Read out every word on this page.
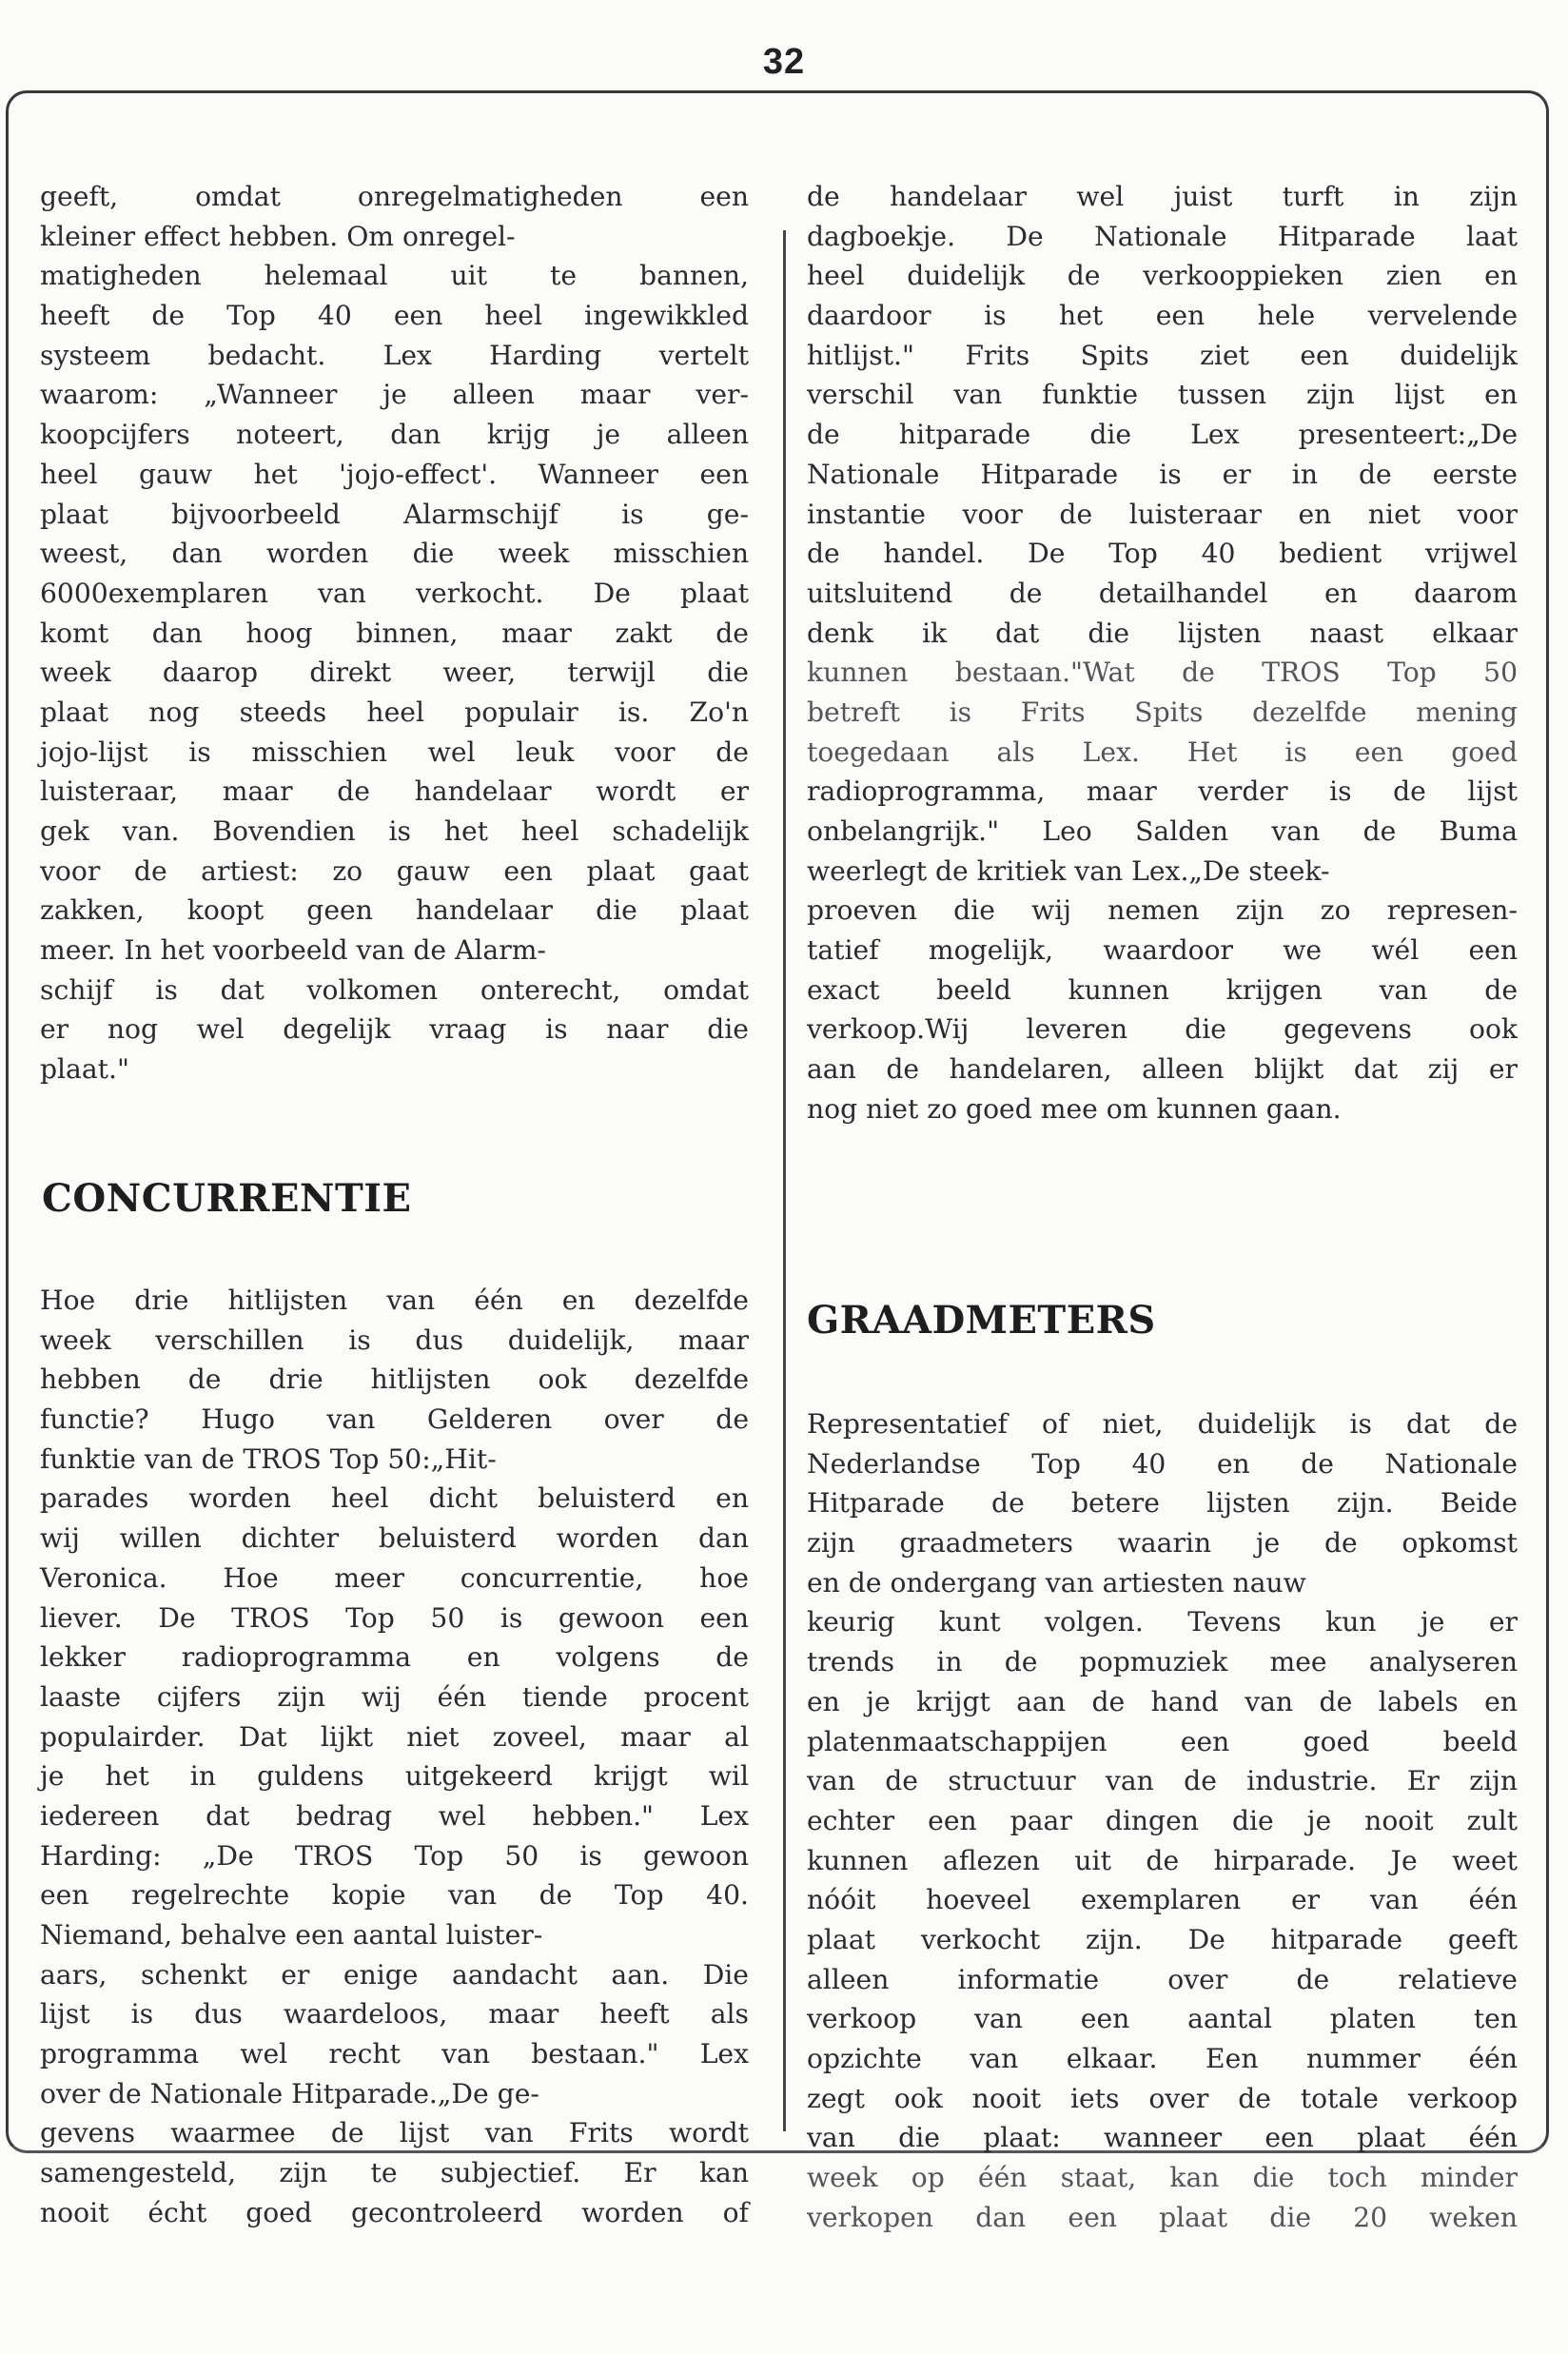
32
geeft, omdat onregelmatigheden een
kleiner effect hebben. Om onregel-
matigheden helemaal uit te bannen,
heeft de Top 40 een heel ingewikkled
systeem bedacht. Lex Harding vertelt
waarom: „Wanneer je alleen maar ver-
koopcijfers noteert, dan krijg je alleen
heel gauw het 'jojo-effect'. Wanneer een
plaat bijvoorbeeld Alarmschijf is ge-
weest, dan worden die week misschien
6000exemplaren van verkocht. De plaat
komt dan hoog binnen, maar zakt de
week daarop direkt weer, terwijl die
plaat nog steeds heel populair is. Zo'n
jojo-lijst is misschien wel leuk voor de
luisteraar, maar de handelaar wordt er
gek van. Bovendien is het heel schadelijk
voor de artiest: zo gauw een plaat gaat
zakken, koopt geen handelaar die plaat
meer. In het voorbeeld van de Alarm-
schijf is dat volkomen onterecht, omdat
er nog wel degelijk vraag is naar die
plaat."
CONCURRENTIE
Hoe drie hitlijsten van één en dezelfde
week verschillen is dus duidelijk, maar
hebben de drie hitlijsten ook dezelfde
functie? Hugo van Gelderen over de
funktie van de TROS Top 50:„Hit-
parades worden heel dicht beluisterd en
wij willen dichter beluisterd worden dan
Veronica. Hoe meer concurrentie, hoe
liever. De TROS Top 50 is gewoon een
lekker radioprogramma en volgens de
laaste cijfers zijn wij één tiende procent
populairder. Dat lijkt niet zoveel, maar al
je het in guldens uitgekeerd krijgt wil
iedereen dat bedrag wel hebben." Lex
Harding: „De TROS Top 50 is gewoon
een regelrechte kopie van de Top 40.
Niemand, behalve een aantal luister-
aars, schenkt er enige aandacht aan. Die
lijst is dus waardeloos, maar heeft als
programma wel recht van bestaan." Lex
over de Nationale Hitparade.„De ge-
gevens waarmee de lijst van Frits wordt
samengesteld, zijn te subjectief. Er kan
nooit écht goed gecontroleerd worden of
de handelaar wel juist turft in zijn
dagboekje. De Nationale Hitparade laat
heel duidelijk de verkooppieken zien en
daardoor is het een hele vervelende
hitlijst." Frits Spits ziet een duidelijk
verschil van funktie tussen zijn lijst en
de hitparade die Lex presenteert:„De
Nationale Hitparade is er in de eerste
instantie voor de luisteraar en niet voor
de handel. De Top 40 bedient vrijwel
uitsluitend de detailhandel en daarom
denk ik dat die lijsten naast elkaar
kunnen bestaan."Wat de TROS Top 50
betreft is Frits Spits dezelfde mening
toegedaan als Lex. Het is een goed
radioprogramma, maar verder is de lijst
onbelangrijk." Leo Salden van de Buma
weerlegt de kritiek van Lex.„De steek-
proeven die wij nemen zijn zo represen-
tatief mogelijk, waardoor we wél een
exact beeld kunnen krijgen van de
verkoop.Wij leveren die gegevens ook
aan de handelaren, alleen blijkt dat zij er
nog niet zo goed mee om kunnen gaan.
GRAADMETERS
Representatief of niet, duidelijk is dat de
Nederlandse Top 40 en de Nationale
Hitparade de betere lijsten zijn. Beide
zijn graadmeters waarin je de opkomst
en de ondergang van artiesten nauw
keurig kunt volgen. Tevens kun je er
trends in de popmuziek mee analyseren
en je krijgt aan de hand van de labels en
platenmaatschappijen een goed beeld
van de structuur van de industrie. Er zijn
echter een paar dingen die je nooit zult
kunnen aflezen uit de hirparade. Je weet
nóóit hoeveel exemplaren er van één
plaat verkocht zijn. De hitparade geeft
alleen informatie over de relatieve
verkoop van een aantal platen ten
opzichte van elkaar. Een nummer één
zegt ook nooit iets over de totale verkoop
van die plaat: wanneer een plaat één
week op één staat, kan die toch minder
verkopen dan een plaat die 20 weken
